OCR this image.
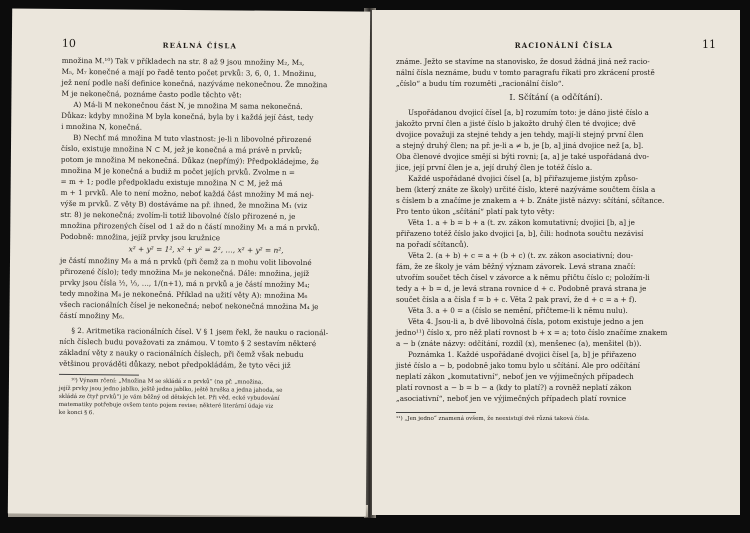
10	REÁLNÁ ČÍSLA
množina M.¹⁰) Tak v příkladech na str. 8 až 9 jsou množiny M₂, M₃,
M₅, M₇ konečné a mají po řadě tento počet prvků: 3, 6, 0, 1. Množinu,
jež není podle naší definice konečná, nazýváme nekonečnou. Že množina
M je nekonečná, poznáme často podle těchto vět:
A) Má-li M nekonečnou část N, je množina M sama nekonečná.
Důkaz: kdyby množina M byla konečná, byla by i každá její část, tedy
i množina N, konečná.
B) Nechť má množina M tuto vlastnost: je-li n libovolné přirozené
číslo, existuje množina N ⊂ M, jež je konečná a má právě n prvků;
potom je množina M nekonečná. Důkaz (nepřímý): Předpokládejme, že
množina M je konečná a budiž m počet jejích prvků. Zvolme n =
= m + 1; podle předpokladu existuje množina N ⊂ M, jež má
m + 1 prvků. Ale to není možno, neboť každá část množiny M má nej-
výše m prvků. Z věty B) dostáváme na př. ihned, že množina M₁ (viz
str. 8) je nekonečná; zvolím-li totiž libovolné číslo přirozené n, je
množina přirozených čísel od 1 až do n částí množiny M₁ a má n prvků.
Podobně: množina, jejíž prvky jsou kružnice
x² + y² = 1², x² + y² = 2², …, x² + y² = n²,
je částí množiny M₈ a má n prvků (při čemž za n mohu volit libovolné
přirozené číslo); tedy množina M₈ je nekonečná. Dále: množina, jejíž
prvky jsou čísla ½, ⅓, …, 1/(n+1), má n prvků a je částí množiny M₄;
tedy množina M₄ je nekonečná. Příklad na užití věty A): množina M₆
všech racionálních čísel je nekonečná; neboť nekonečná množina M₄ je
částí množiny M₆.
§ 2. Aritmetika racionálních čísel. V § 1 jsem řekl, že nauku o racionál-
ních číslech budu považovati za známou. V tomto § 2 sestavím některé
základní věty z nauky o racionálních číslech, při čemž však nebudu
většinou prováděti důkazy, nebot předpokládám, že tyto věci již
¹⁰) Výnam rčení: „Množina M se skládá z n prvků“ (na př. „množina,
jejíž prvky jsou jedno jablko, ještě jedno jablko, ještě hruška a jedna jahoda, se
skládá ze čtyř prvků“) je vám běžný od dětských let. Při věd. ecké vybudování
matematiky potřebuje ovšem tento pojem revise; některé literární údaje viz
ke konci § 6.
RACIONÁLNÍ ČÍSLA	11
známe. Ježto se stavíme na stanovisko, že dosud žádná jiná než racio-
nální čísla neznáme, budu v tomto paragrafu říkati pro zkrácení prostě
„číslo“ a budu tím rozuměti „racionální číslo“.
I. Sčítání (a odčítání).
Uspořádanou dvojicí čísel [a, b] rozumím toto: je dáno jisté číslo a
jakožto první člen a jisté číslo b jakožto druhý člen té dvojice; dvě
dvojice považuji za stejné tehdy a jen tehdy, mají-li stejný první člen
a stejný druhý člen; na př. je-li a ≠ b, je [b, a] jiná dvojice než [a, b].
Oba členové dvojice smějí si býti rovni; [a, a] je také uspořádaná dvo-
jice, její první člen je a, její druhý člen je totéž číslo a.
Každé uspořádané dvojici čísel [a, b] přiřazujeme jistým způso-
bem (který znáte ze školy) určité číslo, které nazýváme součtem čísla a
s číslem b a značíme je znakem a + b. Znáte jistě názvy: sčítání, sčítance.
Pro tento úkon „sčítání“ platí pak tyto věty:
Věta 1. a + b = b + a (t. zv. zákon komutativní; dvojici [b, a] je
přiřazeno totéž číslo jako dvojici [a, b], čili: hodnota součtu nezávisí
na pořadí sčítanců).
Věta 2. (a + b) + c = a + (b + c) (t. zv. zákon asociativní; dou-
fám, že ze školy je vám běžný význam závorek. Levá strana značí:
utvořím součet těch čísel v závorce a k němu přičtu číslo c; položím-li
tedy a + b = d, je levá strana rovnice d + c. Podobně pravá strana je
součet čísla a a čísla f = b + c. Věta 2 pak praví, že d + c = a + f).
Věta 3. a + 0 = a (číslo se nemění, přičteme-li k němu nulu).
Věta 4. Jsou-li a, b dvě libovolná čísla, potom existuje jedno a jen
jedno¹¹) číslo x, pro něž platí rovnost b + x = a; toto číslo značíme znakem
a − b (znáte názvy: odčítání, rozdíl (x), menšenec (a), menšitel (b)).
Poznámka 1. Každé uspořádané dvojici čísel [a, b] je přiřazeno
jisté číslo a − b, podobně jako tomu bylo u sčítání. Ale pro odčítání
neplatí zákon „komutativní“, neboť jen ve výjimečných případech
platí rovnost a − b = b − a (kdy to platí?) a rovněž neplatí zákon
„asociativní“, neboť jen ve výjimečných případech platí rovnice
¹¹) „Jen jedno“ znamená ovšem, že neexistují dvě různá taková čísla.
